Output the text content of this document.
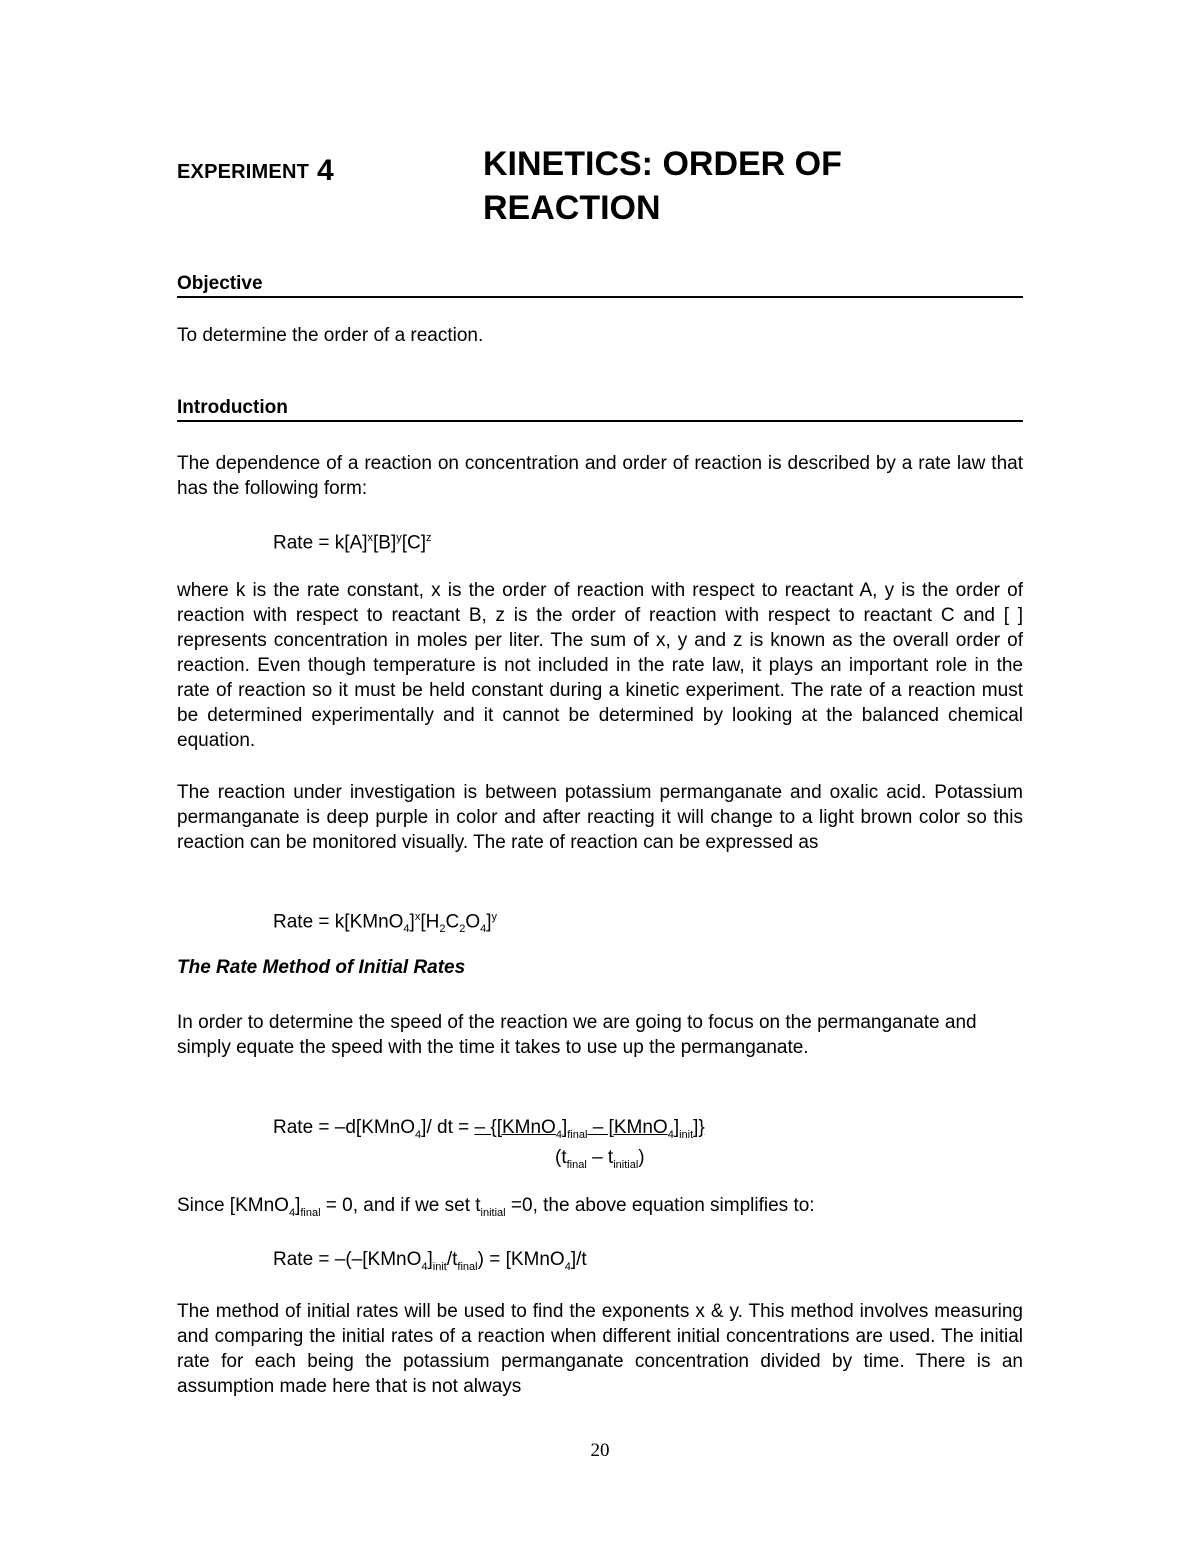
EXPERIMENT 4	KINETICS: ORDER OF
REACTION
Objective

To determine the order of a reaction.

Introduction

The dependence of a reaction on concentration and order of reaction is described by a rate law that has the following form:

Rate = $k[A]^x[B]^y[C]^z$

where k is the rate constant, x is the order of reaction with respect to reactant A, y is the order of reaction with respect to reactant B, z is the order of reaction with respect to reactant C and [ ] represents concentration in moles per liter. The sum of x, y and z is known as the overall order of reaction. Even though temperature is not included in the rate law, it plays an important role in the rate of reaction so it must be held constant during a kinetic experiment. The rate of a reaction must be determined experimentally and it cannot be determined by looking at the balanced chemical equation.

The reaction under investigation is between potassium permanganate and oxalic acid. Potassium permanganate is deep purple in color and after reacting it will change to a light brown color so this reaction can be monitored visually. The rate of reaction can be expressed as

Rate = $k[KMnO_4]^x[H_2C_2O_4]^y$
The Rate Method of Initial Rates

In order to determine the speed of the reaction we are going to focus on the permanganate and simply equate the speed with the time it takes to use up the permanganate.

Rate = –d[KMnO$_4$]/ dt = – {$[KMnO_4]_{final}$ – $[KMnO_4]_{init}$]}
$(t_{final} - t_{initial})$
Since $[KMnO_4]_{final} = 0$, and if we set $t_{initial} =0$, the above equation simplifies to:
Rate = $-(-[KMnO_4]_{init}/t_{final})$ = [KMnO$_4$]/t

The method of initial rates will be used to find the exponents x & y. This method involves measuring and comparing the initial rates of a reaction when different initial concentrations are used. The initial rate for each being the potassium permanganate concentration divided by time. There is an assumption made here that is not always

20
